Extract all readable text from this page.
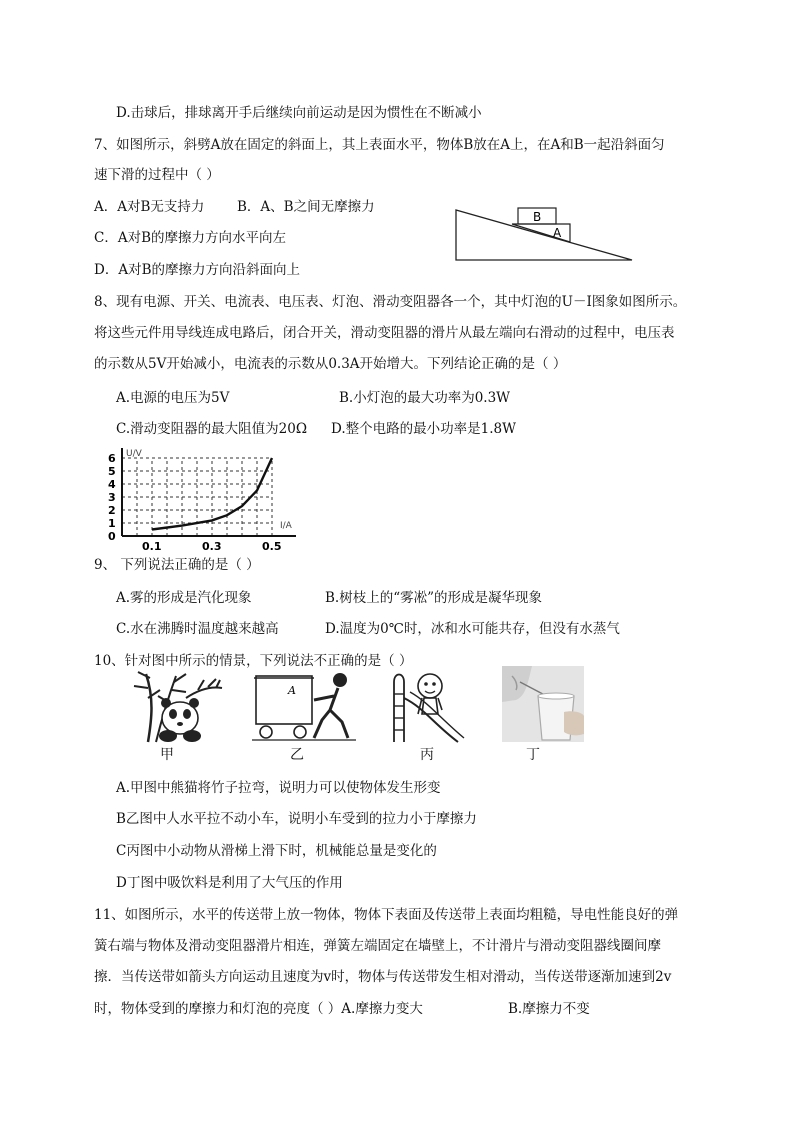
D.击球后，排球离开手后继续向前运动是因为惯性在不断减小
7、如图所示，斜劈A放在固定的斜面上，其上表面水平，物体B放在A上，在A和B一起沿斜面匀
速下滑的过程中（ ）
A．A对B无支持力 B．A、B之间无摩擦力
C．A对B的摩擦力方向水平向左
D．A对B的摩擦力方向沿斜面向上
B
A
8、现有电源、开关、电流表、电压表、灯泡、滑动变阻器各一个，其中灯泡的U－I图象如图所示。
将这些元件用导线连成电路后，闭合开关，滑动变阻器的滑片从最左端向右滑动的过程中，电压表
的示数从5V开始减小，电流表的示数从0.3A开始增大。下列结论正确的是（ ）
A.电源的电压为5V	B.小灯泡的最大功率为0.3W
C.滑动变阻器的最大阻值为20Ω D.整个电路的最小功率是1.8W
0
1
2
3
4
5
6
0.1	0.3	0.5
U/V
I/A
9、 下列说法正确的是（ ）
A.雾的形成是汽化现象	B.树枝上的“雾凇”的形成是凝华现象
C.水在沸腾时温度越来越高	D.温度为0℃时，冰和水可能共存，但没有水蒸气
10、针对图中所示的情景，下列说法不正确的是（ ）
甲
A
乙	丙	丁
A.甲图中熊猫将竹子拉弯，说明力可以使物体发生形变
B乙图中人水平拉不动小车，说明小车受到的拉力小于摩擦力
C丙图中小动物从滑梯上滑下时，机械能总量是变化的
D丁图中吸饮料是利用了大气压的作用
11、如图所示，水平的传送带上放一物体，物体下表面及传送带上表面均粗糙，导电性能良好的弹
簧右端与物体及滑动变阻器滑片相连，弹簧左端固定在墙壁上，不计滑片与滑动变阻器线圈间摩
擦．当传送带如箭头方向运动且速度为v时，物体与传送带发生相对滑动，当传送带逐渐加速到2v
时，物体受到的摩擦力和灯泡的亮度（ ）A.摩擦力变大	B.摩擦力不变
